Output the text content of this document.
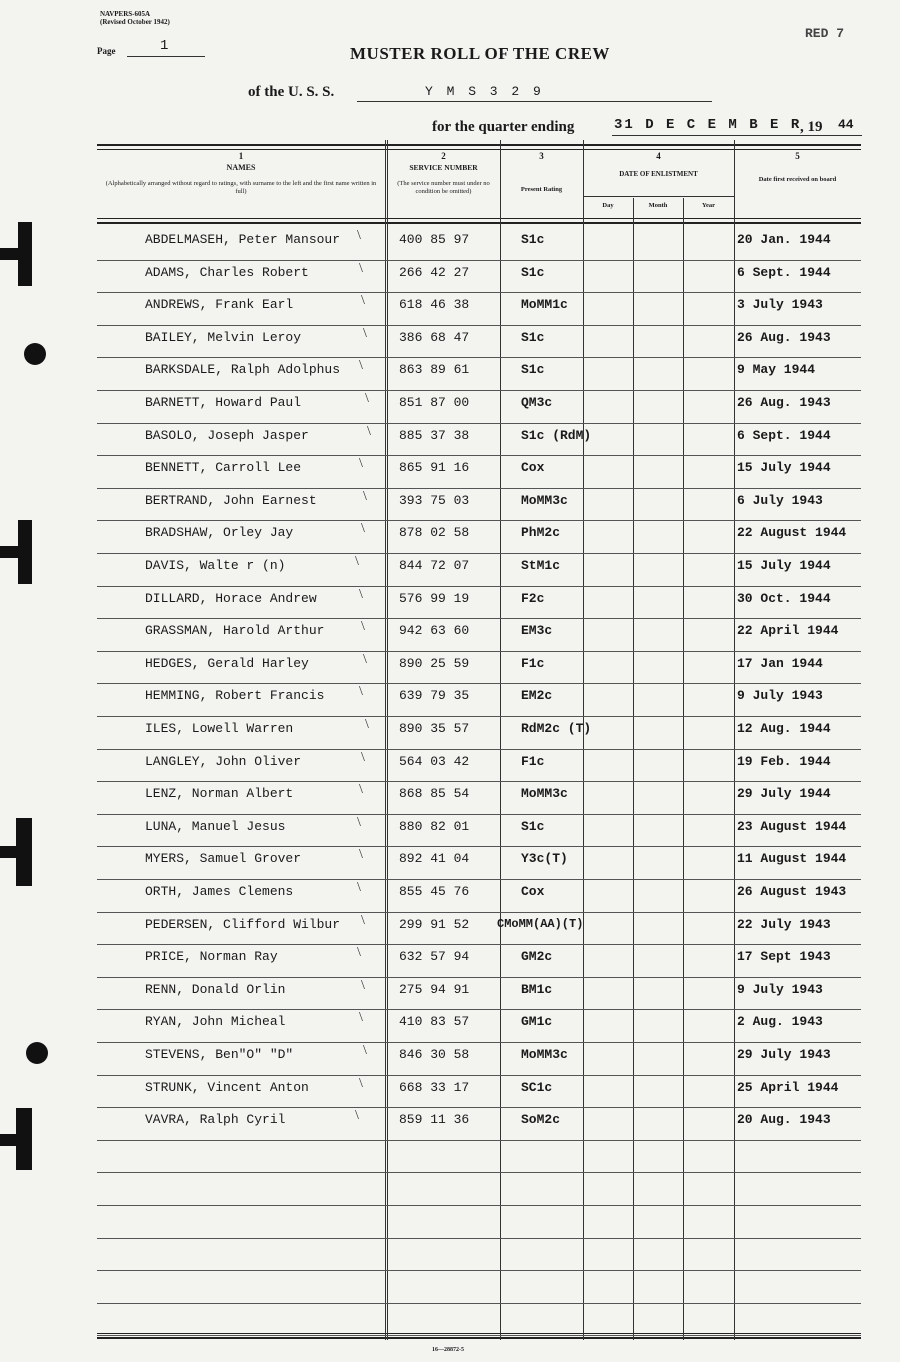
NAVPERS-605A
(Revised October 1942)
Page	1	MUSTER ROLL OF THE CREW
RED 7
of the U. S. S.	Y M S 3 2 9
for the quarter ending	31 D E C E M B E R
, 19 44
1
NAMES
(Alphabetically arranged without regard to ratings, with surname to the left and the first name written in full)
2
SERVICE NUMBER
(The service number must under no condition be omitted)
3
Present Rating
4
DATE OF ENLISTMENT
Day	Month	Year
5
Date first received on board
ABDELMASEH, Peter Mansour	400 85 97	S1c	20 Jan. 1944
\
ADAMS, Charles Robert	266 42 27	S1c	6 Sept. 1944
\
ANDREWS, Frank Earl	618 46 38	MoMM1c	3 July 1943
\
BAILEY, Melvin Leroy	386 68 47	S1c	26 Aug. 1943
\
BARKSDALE, Ralph Adolphus	863 89 61	S1c	9 May 1944
\
BARNETT, Howard Paul	851 87 00	QM3c	26 Aug. 1943
\
BASOLO, Joseph Jasper	885 37 38	S1c (RdM)	6 Sept. 1944
\
BENNETT, Carroll Lee	865 91 16	Cox	15 July 1944
\
BERTRAND, John Earnest	393 75 03	MoMM3c	6 July 1943
\
BRADSHAW, Orley Jay	878 02 58	PhM2c	22 August 1944
\
DAVIS, Walte r (n)	844 72 07	StM1c	15 July 1944
\
DILLARD, Horace Andrew	576 99 19	F2c	30 Oct. 1944
\
GRASSMAN, Harold Arthur	942 63 60	EM3c	22 April 1944
\
HEDGES, Gerald Harley	890 25 59	F1c	17 Jan 1944
\
HEMMING, Robert Francis	639 79 35	EM2c	9 July 1943
\
ILES, Lowell Warren	890 35 57	RdM2c (T)	12 Aug. 1944
\
LANGLEY, John Oliver	564 03 42	F1c	19 Feb. 1944
\
LENZ, Norman Albert	868 85 54	MoMM3c	29 July 1944
\
LUNA, Manuel Jesus	880 82 01	S1c	23 August 1944
\
MYERS, Samuel Grover	892 41 04	Y3c(T)	11 August 1944
\
ORTH, James Clemens	855 45 76	Cox	26 August 1943
\
PEDERSEN, Clifford Wilbur	299 91 52 CMoMM(AA)(T)	22 July 1943
\
PRICE, Norman Ray	632 57 94	GM2c	17 Sept 1943
\
RENN, Donald Orlin	275 94 91	BM1c	9 July 1943
\
RYAN, John Micheal	410 83 57	GM1c	2 Aug. 1943
\
STEVENS, Ben"O" "D"	846 30 58	MoMM3c	29 July 1943
\
STRUNK, Vincent Anton	668 33 17	SC1c	25 April 1944
\
VAVRA, Ralph Cyril	859 11 36	SoM2c	20 Aug. 1943
\
16—28872-5
